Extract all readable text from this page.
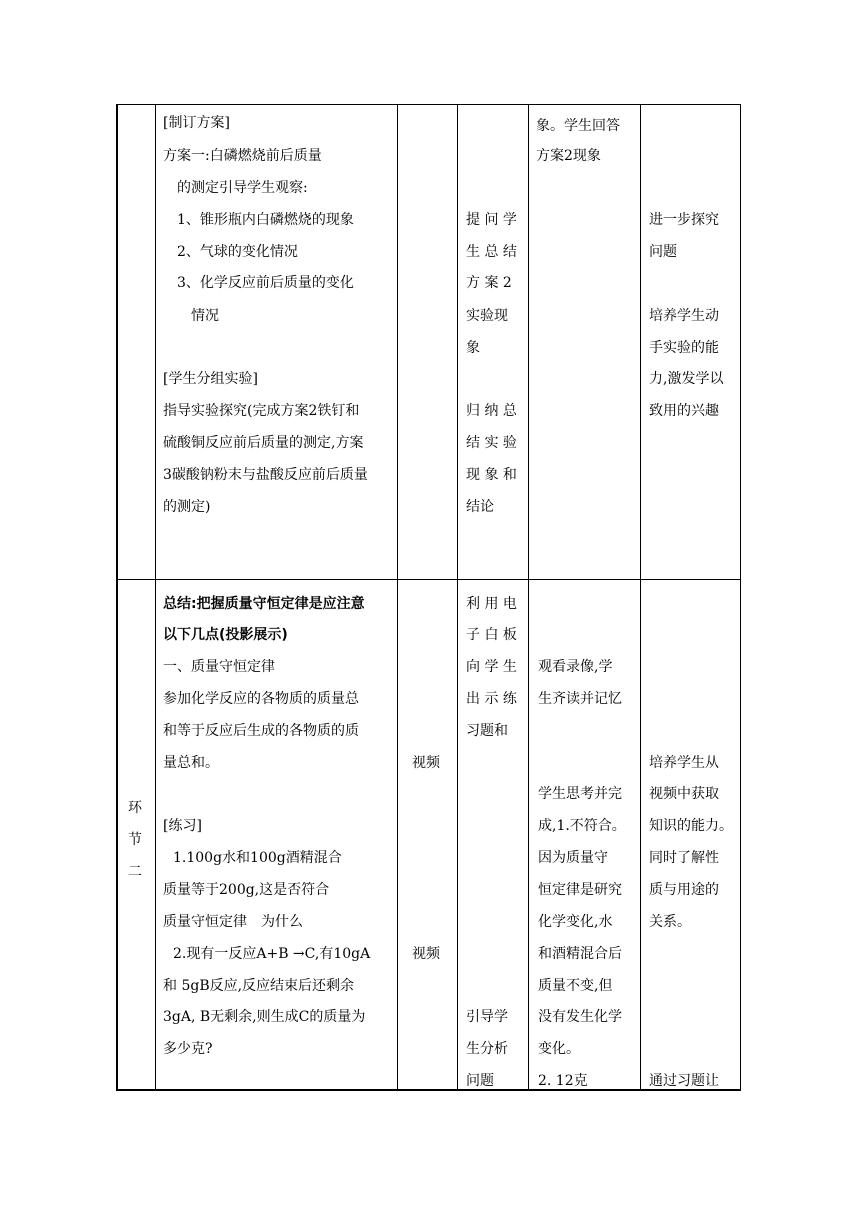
[制订方案]
方案一:白磷燃烧前后质量
的测定引导学生观察:
1、锥形瓶内白磷燃烧的现象
2、气球的变化情况
3、化学反应前后质量的变化
情况
[学生分组实验]
指导实验探究(完成方案2铁钉和
硫酸铜反应前后质量的测定,方案
3碳酸钠粉末与盐酸反应前后质量
的测定)
提 问 学
生 总 结
方 案 2
实验现
象
归 纳 总
结 实 验
现 象 和
结论
象。学生回答
方案2现象
进一步探究
问题
培养学生动
手实验的能
力,激发学以
致用的兴趣
环
节
二
总结:把握质量守恒定律是应注意
以下几点(投影展示)
一、质量守恒定律
参加化学反应的各物质的质量总
和等于反应后生成的各物质的质
量总和。
[练习]
1.100g水和100g酒精混合
质量等于200g,这是否符合
质量守恒定律　为什么
2.现有一反应A+B →C,有10gA
和 5gB反应,反应结束后还剩余
3gA, B无剩余,则生成C的质量为
多少克?
视频
视频
利 用 电
子 白 板
向 学 生
出 示 练
习题和
引导学
生分析
问题
观看录像,学
生齐读并记忆
学生思考并完
成,1.不符合。
因为质量守
恒定律是研究
化学变化,水
和酒精混合后
质量不变,但
没有发生化学
变化。
2. 12克
培养学生从
视频中获取
知识的能力。
同时了解性
质与用途的
关系。
通过习题让
